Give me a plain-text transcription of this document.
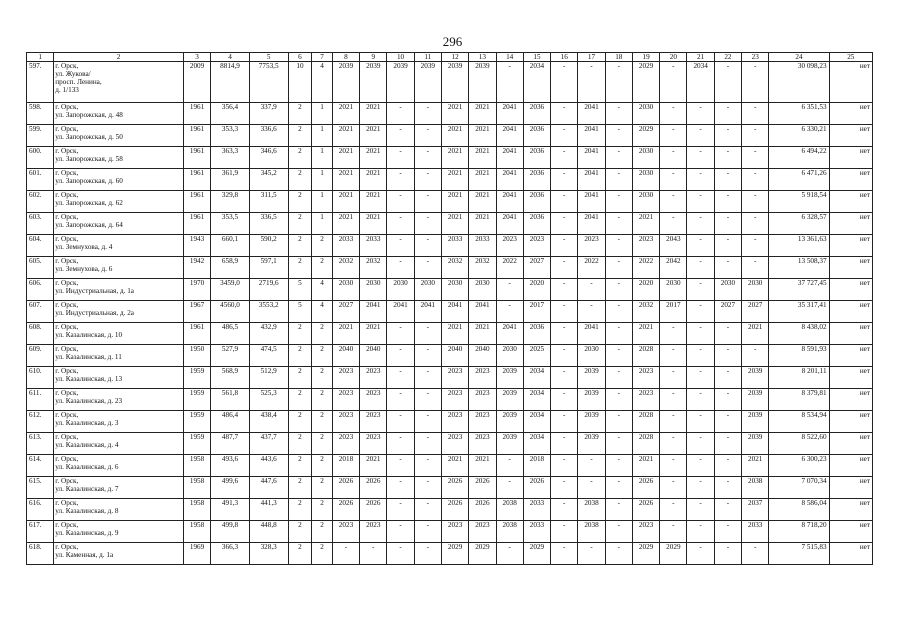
296
1	2	3	4	5	6	7	8	9	10	11	12	13	14	15	16	17	18	19	20	21	22	23	24	25
597.	г. Орск,
ул. Жукова/
просп. Ленина,
д. 1/133	2009	8814,9	7753,5	10	4	2039	2039	2039	2039	2039	2039	-	2034	-	-	-	2029	-	2034	-	-	30 098,23	нет
598.	г. Орск,
ул. Запорожская, д. 48	1961	356,4	337,9	2	1	2021	2021	-	-	2021	2021	2041	2036	-	2041	-	2030	-	-	-	-	6 351,53	нет
599.	г. Орск,
ул. Запорожская, д. 50	1961	353,3	336,6	2	1	2021	2021	-	-	2021	2021	2041	2036	-	2041	-	2029	-	-	-	-	6 330,21	нет
600.	г. Орск,
ул. Запорожская, д. 58	1961	363,3	346,6	2	1	2021	2021	-	-	2021	2021	2041	2036	-	2041	-	2030	-	-	-	-	6 494,22	нет
601.	г. Орск,
ул. Запорожская, д. 60	1961	361,9	345,2	2	1	2021	2021	-	-	2021	2021	2041	2036	-	2041	-	2030	-	-	-	-	6 471,26	нет
602.	г. Орск,
ул. Запорожская, д. 62	1961	329,8	311,5	2	1	2021	2021	-	-	2021	2021	2041	2036	-	2041	-	2030	-	-	-	-	5 918,54	нет
603.	г. Орск,
ул. Запорожская, д. 64	1961	353,5	336,5	2	1	2021	2021	-	-	2021	2021	2041	2036	-	2041	-	2021	-	-	-	-	6 328,57	нет
604.	г. Орск,
ул. Земнухова, д. 4	1943	660,1	590,2	2	2	2033	2033	-	-	2033	2033	2023	2023	-	2023	-	2023	2043	-	-	-	13 361,63	нет
605.	г. Орск,
ул. Земнухова, д. 6	1942	658,9	597,1	2	2	2032	2032	-	-	2032	2032	2022	2027	-	2022	-	2022	2042	-	-	-	13 508,37	нет
606.	г. Орск,
ул. Индустриальная, д. 1а	1970	3459,0	2719,6	5	4	2030	2030	2030	2030	2030	2030	-	2020	-	-	-	2020	2030	-	2030	2030	37 727,45	нет
607.	г. Орск,
ул. Индустриальная, д. 2а	1967	4560,0	3553,2	5	4	2027	2041	2041	2041	2041	2041	-	2017	-	-	-	2032	2017	-	2027	2027	35 317,41	нет
608.	г. Орск,
ул. Казалинская, д. 10	1961	486,5	432,9	2	2	2021	2021	-	-	2021	2021	2041	2036	-	2041	-	2021	-	-	-	2021	8 438,02	нет
609.	г. Орск,
ул. Казалинская, д. 11	1950	527,9	474,5	2	2	2040	2040	-	-	2040	2040	2030	2025	-	2030	-	2028	-	-	-	-	8 591,93	нет
610.	г. Орск,
ул. Казалинская, д. 13	1959	568,9	512,9	2	2	2023	2023	-	-	2023	2023	2039	2034	-	2039	-	2023	-	-	-	2039	8 201,11	нет
611.	г. Орск,
ул. Казалинская, д. 23	1959	561,8	525,3	2	2	2023	2023	-	-	2023	2023	2039	2034	-	2039	-	2023	-	-	-	2039	8 379,81	нет
612.	г. Орск,
ул. Казалинская, д. 3	1959	486,4	438,4	2	2	2023	2023	-	-	2023	2023	2039	2034	-	2039	-	2028	-	-	-	2039	8 534,94	нет
613.	г. Орск,
ул. Казалинская, д. 4	1959	487,7	437,7	2	2	2023	2023	-	-	2023	2023	2039	2034	-	2039	-	2028	-	-	-	2039	8 522,60	нет
614.	г. Орск,
ул. Казалинская, д. 6	1958	493,6	443,6	2	2	2018	2021	-	-	2021	2021	-	2018	-	-	-	2021	-	-	-	2021	6 300,23	нет
615.	г. Орск,
ул. Казалинская, д. 7	1958	499,6	447,6	2	2	2026	2026	-	-	2026	2026	-	2026	-	-	-	2026	-	-	-	2038	7 070,34	нет
616.	г. Орск,
ул. Казалинская, д. 8	1958	491,3	441,3	2	2	2026	2026	-	-	2026	2026	2038	2033	-	2038	-	2026	-	-	-	2037	8 586,04	нет
617.	г. Орск,
ул. Казалинская, д. 9	1958	499,8	448,8	2	2	2023	2023	-	-	2023	2023	2038	2033	-	2038	-	2023	-	-	-	2033	8 718,20	нет
618.	г. Орск,
ул. Каменная, д. 1а	1969	366,3	328,3	2	2	-	-	-	-	2029	2029	-	2029	-	-	-	2029	2029	-	-	-	7 515,83	нет
